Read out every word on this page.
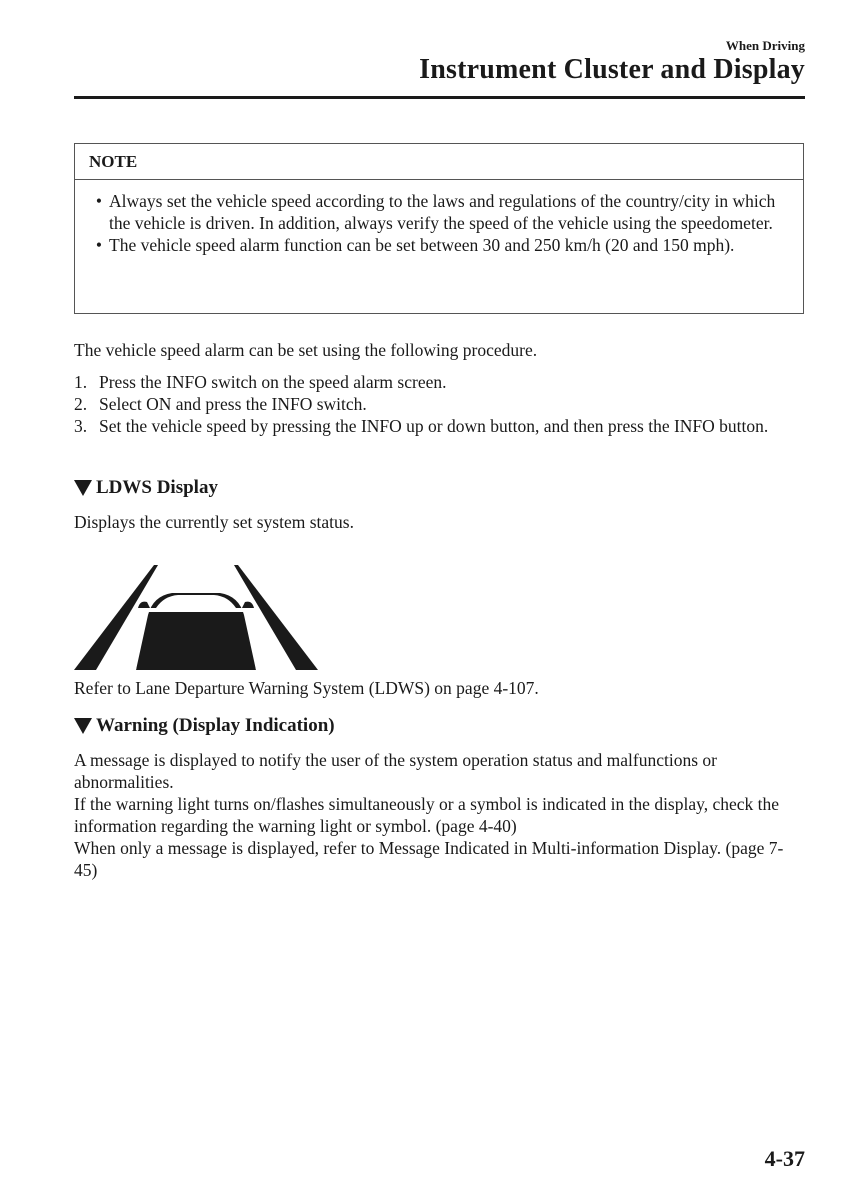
When Driving
Instrument Cluster and Display
NOTE
• Always set the vehicle speed according to the laws and regulations of the country/city in which the vehicle is driven. In addition, always verify the speed of the vehicle using the speedometer.
• The vehicle speed alarm function can be set between 30 and 250 km/h (20 and 150 mph).
The vehicle speed alarm can be set using the following procedure.
1. Press the INFO switch on the speed alarm screen.
2. Select ON and press the INFO switch.
3. Set the vehicle speed by pressing the INFO up or down button, and then press the INFO button.
LDWS Display
Displays the currently set system status.
Refer to Lane Departure Warning System (LDWS) on page 4-107.
Warning (Display Indication)
A message is displayed to notify the user of the system operation status and malfunctions or abnormalities.
If the warning light turns on/flashes simultaneously or a symbol is indicated in the display, check the information regarding the warning light or symbol. (page 4-40)
When only a message is displayed, refer to Message Indicated in Multi-information Display. (page 7-45)
4-37
